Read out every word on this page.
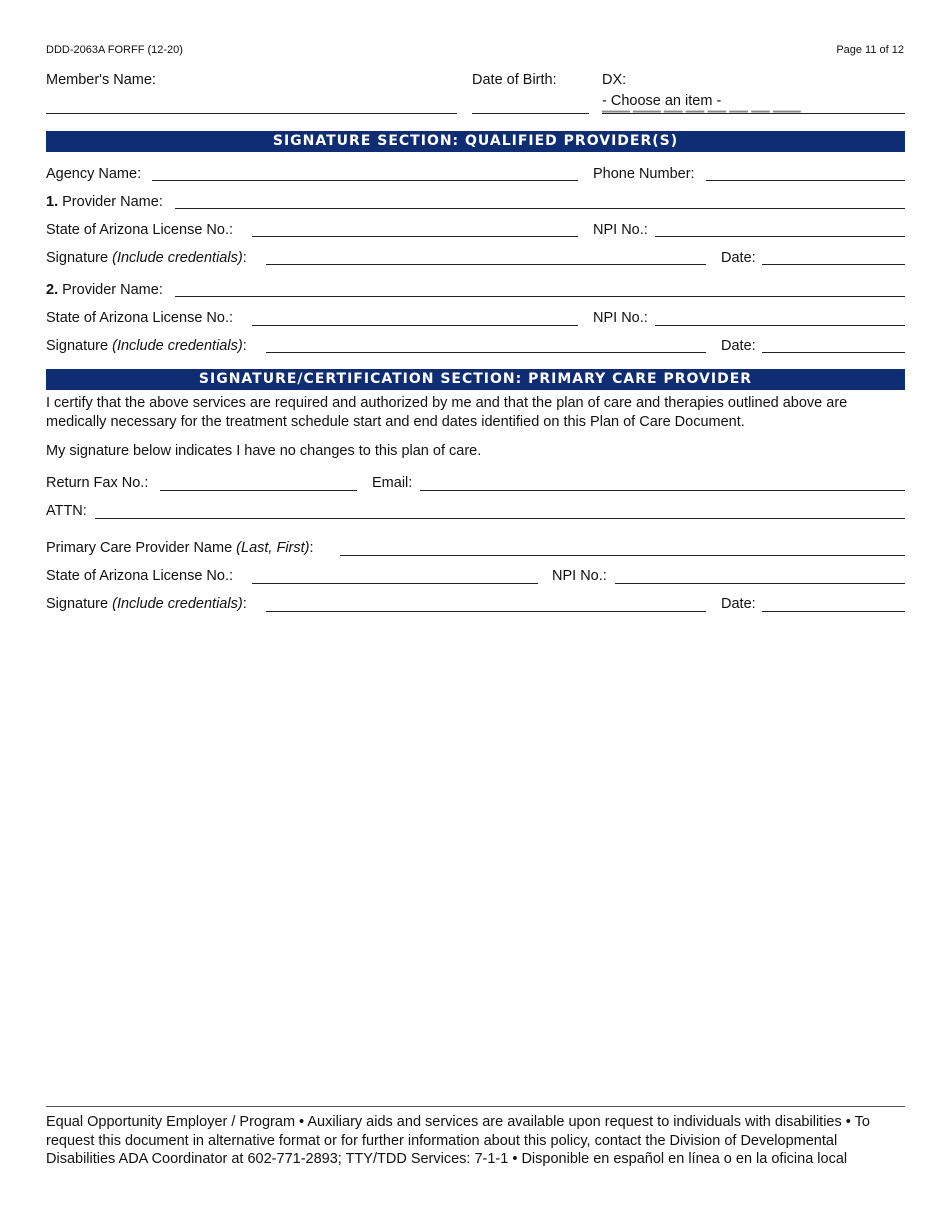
DDD-2063A FORFF (12-20)	Page 11 of 12
Member's Name:	Date of Birth:	DX:
- Choose an item -
▔▔▔ ▔▔▔ ▔▔ ▔▔ ▔▔ ▔▔ ▔▔ ▔▔▔
SIGNATURE SECTION: QUALIFIED PROVIDER(S)
Agency Name:	Phone Number:
1. Provider Name:
State of Arizona License No.:	NPI No.:
Signature (Include credentials):	Date:
2. Provider Name:
State of Arizona License No.:	NPI No.:
Signature (Include credentials):	Date:
SIGNATURE/CERTIFICATION SECTION: PRIMARY CARE PROVIDER
I certify that the above services are required and authorized by me and that the plan of care and therapies outlined above are medically necessary for the treatment schedule start and end dates identified on this Plan of Care Document.
My signature below indicates I have no changes to this plan of care.
Return Fax No.:	Email:
ATTN:
Primary Care Provider Name (Last, First):
State of Arizona License No.:	NPI No.:
Signature (Include credentials):	Date:
Equal Opportunity Employer / Program • Auxiliary aids and services are available upon request to individuals with disabilities • To request this document in alternative format or for further information about this policy, contact the Division of Developmental Disabilities ADA Coordinator at 602-771-2893; TTY/TDD Services: 7-1-1 • Disponible en español en línea o en la oficina local
